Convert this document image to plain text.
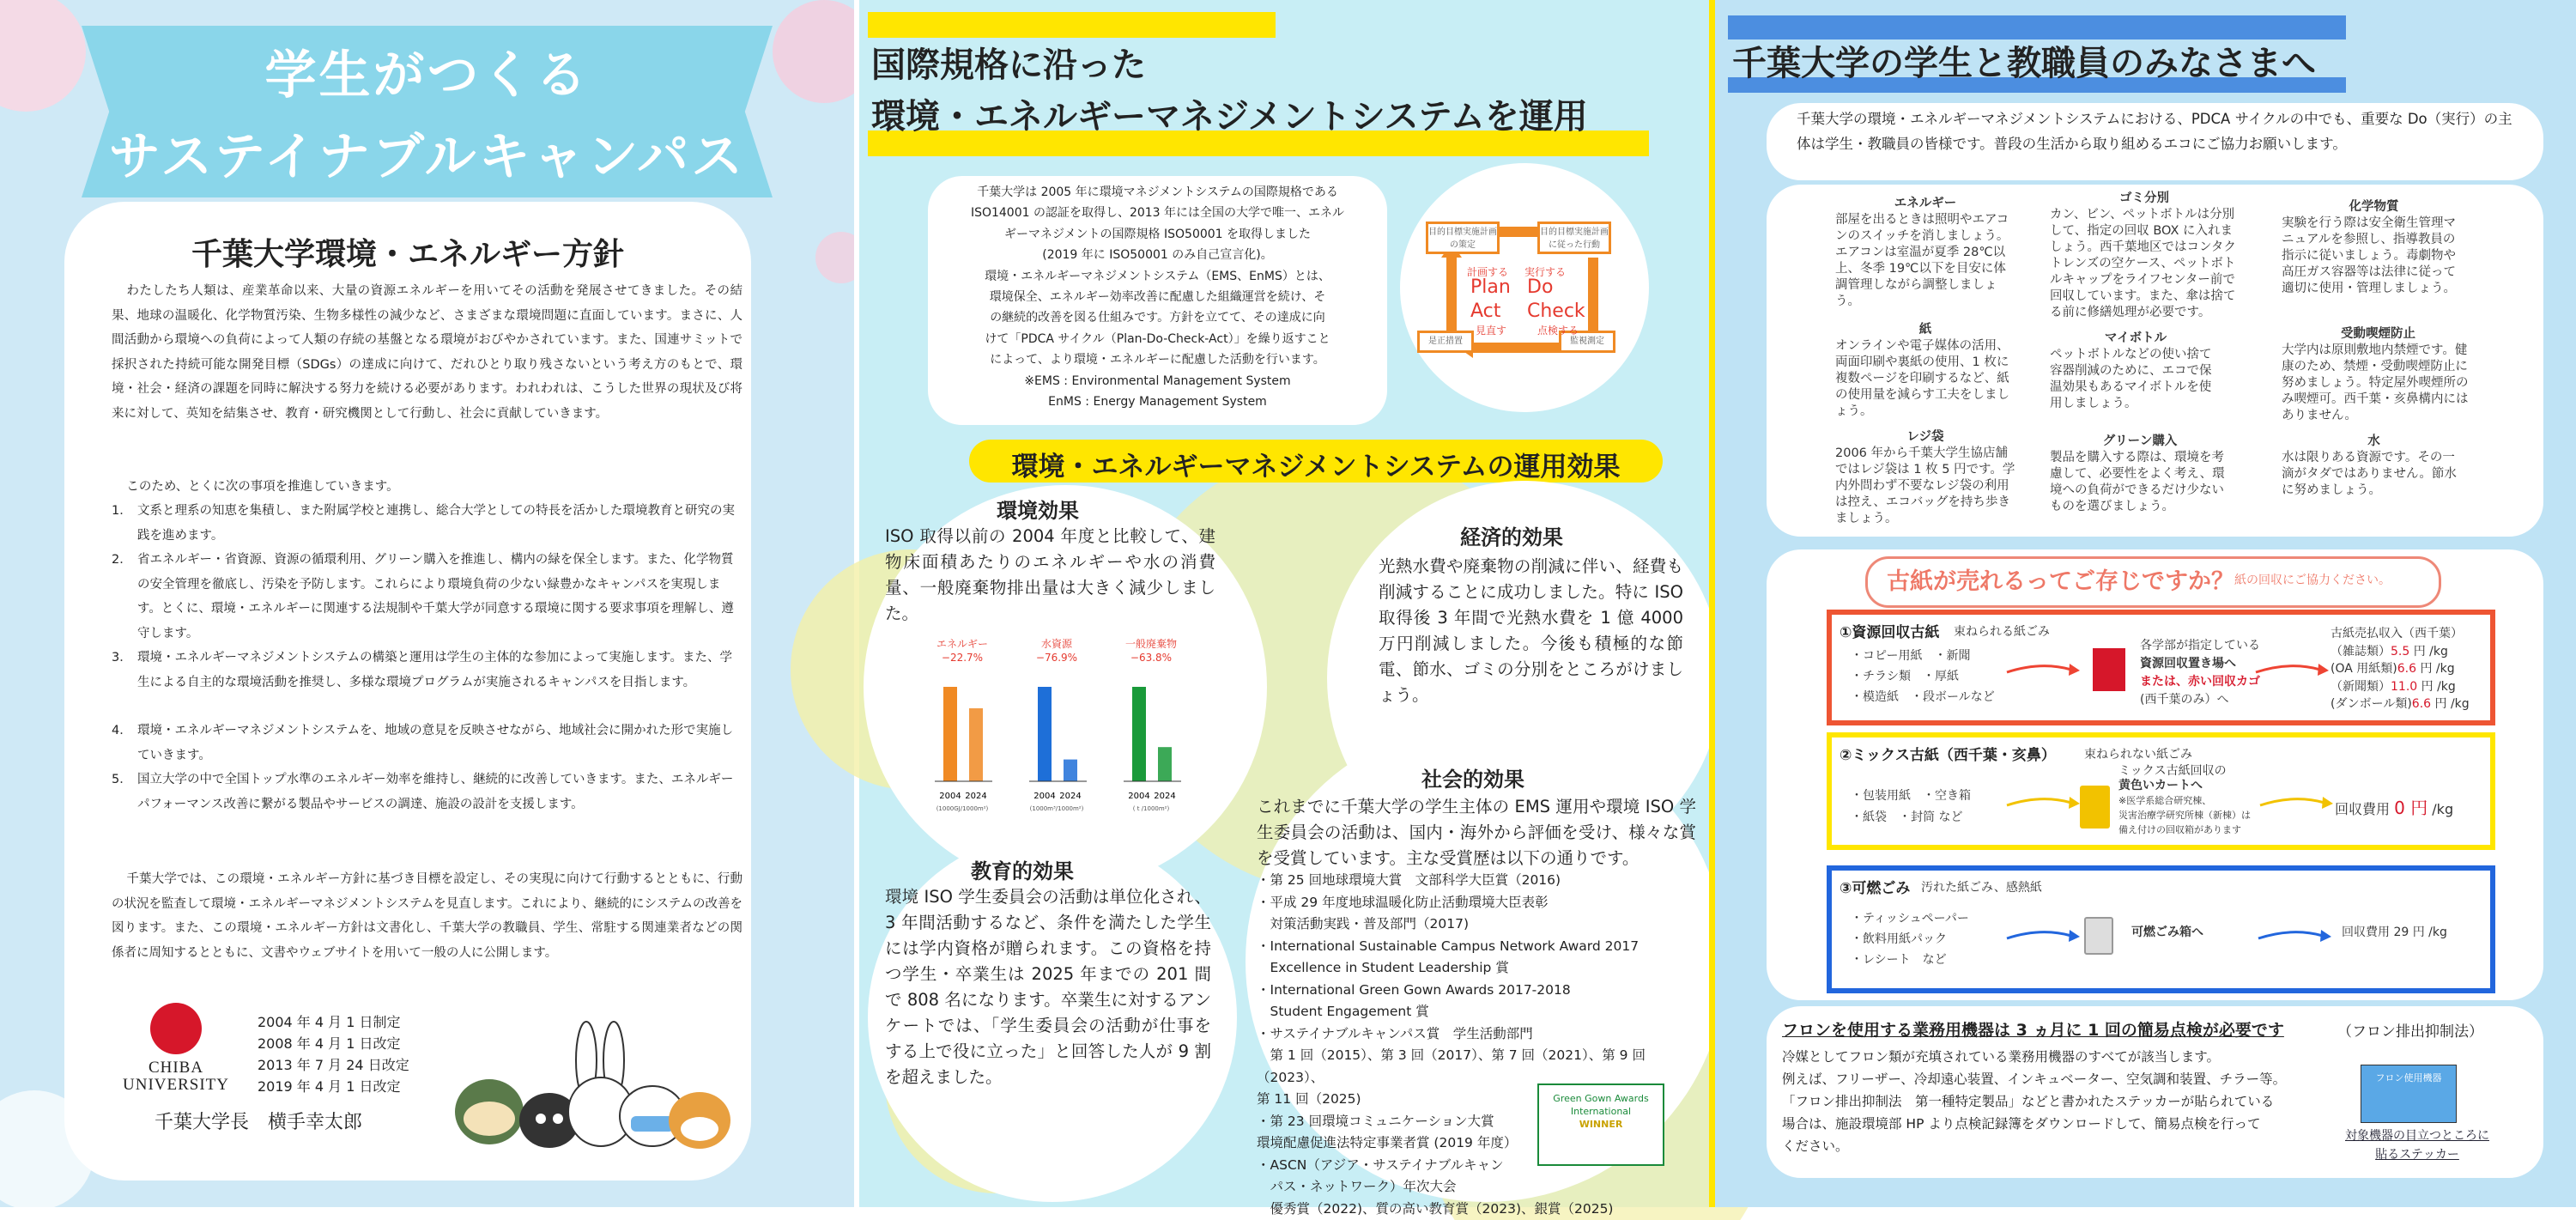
学生がつくる
サステイナブルキャンパス
千葉大学環境・エネルギー方針
わたしたち人類は、産業革命以来、大量の資源エネルギーを用いてその活動を発展させてきました。その結果、地球の温暖化、化学物質汚染、生物多様性の減少など、さまざまな環境問題に直面しています。まさに、人間活動から環境への負荷によって人類の存続の基盤となる環境がおびやかされています。また、国連サミットで採択された持続可能な開発目標（SDGs）の達成に向けて、だれひとり取り残さないという考え方のもとで、環境・社会・経済の課題を同時に解決する努力を続ける必要があります。われわれは、こうした世界の現状及び将来に対して、英知を結集させ、教育・研究機関として行動し、社会に貢献していきます。
このため、とくに次の事項を推進していきます。
1． 文系と理系の知恵を集積し、また附属学校と連携し、総合大学としての特長を活かした環境教育と研究の実践を進めます。
2． 省エネルギー・省資源、資源の循環利用、グリーン購入を推進し、構内の緑を保全します。また、化学物質の安全管理を徹底し、汚染を予防します。これらにより環境負荷の少ない緑豊かなキャンパスを実現します。とくに、環境・エネルギーに関連する法規制や千葉大学が同意する環境に関する要求事項を理解し、遵守します。
3． 環境・エネルギーマネジメントシステムの構築と運用は学生の主体的な参加によって実施します。また、学生による自主的な環境活動を推奨し、多様な環境プログラムが実施されるキャンパスを目指します。
4． 環境・エネルギーマネジメントシステムを、地域の意見を反映させながら、地域社会に開かれた形で実施していきます。
5． 国立大学の中で全国トップ水準のエネルギー効率を維持し、継続的に改善していきます。また、エネルギーパフォーマンス改善に繋がる製品やサービスの調達、施設の設計を支援します。
千葉大学では、この環境・エネルギー方針に基づき目標を設定し、その実現に向けて行動するとともに、行動の状況を監査して環境・エネルギーマネジメントシステムを見直します。これにより、継続的にシステムの改善を図ります。また、この環境・エネルギー方針は文書化し、千葉大学の教職員、学生、常駐する関連業者などの関係者に周知するとともに、文書やウェブサイトを用いて一般の人に公開します。
CHIBA
UNIVERSITY
2004 年 4 月 1 日制定
2008 年 4 月 1 日改定
2013 年 7 月 24 日改定
2019 年 4 月 1 日改定
千葉大学長　横手幸太郎
国際規格に沿った
環境・エネルギーマネジメントシステムを運用
千葉大学は 2005 年に環境マネジメントシステムの国際規格である
ISO14001 の認証を取得し、2013 年には全国の大学で唯一、エネル
ギーマネジメントの国際規格 ISO50001 を取得しました
(2019 年に ISO50001 のみ自己宣言化)。
環境・エネルギーマネジメントシステム（EMS、EnMS）とは、
環境保全、エネルギー効率改善に配慮した組織運営を続け、そ
の継続的改善を図る仕組みです。方針を立てて、その達成に向
けて「PDCA サイクル（Plan-Do-Check-Act）」を繰り返すこと
によって、より環境・エネルギーに配慮した活動を行います。
※EMS : Environmental Management System
EnMS : Energy Management System
目的目標実施計画の策定
目的目標実施計画に従った行動
是正措置	監視測定
計画する
Plan
実行する
Do
Act
見直す
Check
点検する
環境・エネルギーマネジメントシステムの運用効果
環境効果
ISO 取得以前の 2004 年度と比較して、建物床面積あたりのエネルギーや水の消費量、一般廃棄物排出量は大きく減少しました。
エネルギー
−22.7%
2004 2024
(1000GJ/1000m²)
水資源
−76.9%
2004 2024
(1000m³/1000m²)
一般廃棄物
−63.8%
2004 2024
( t /1000m²)
経済的効果
光熱水費や廃棄物の削減に伴い、経費も削減することに成功しました。特に ISO 取得後 3 年間で光熱水費を 1 億 4000 万円削減しました。今後も積極的な節電、節水、ゴミの分別をところがけましょう。
教育的効果
環境 ISO 学生委員会の活動は単位化され、3 年間活動するなど、条件を満たした学生には学内資格が贈られます。この資格を持つ学生・卒業生は 2025 年までの 201 間で 808 名になります。卒業生に対するアンケートでは、「学生委員会の活動が仕事をする上で役に立った」と回答した人が 9 割を超えました。
社会的効果
これまでに千葉大学の学生主体の EMS 運用や環境 ISO 学生委員会の活動は、国内・海外から評価を受け、様々な賞を受賞しています。主な受賞歴は以下の通りです。
・第 25 回地球環境大賞　文部科学大臣賞（2016)
・平成 29 年度地球温暖化防止活動環境大臣表彰
　対策活動実践・普及部門（2017)
・International Sustainable Campus Network Award 2017
　Excellence in Student Leadership 賞
・International Green Gown Awards 2017-2018
　Student Engagement 賞
・サステイナブルキャンパス賞　学生活動部門
　第 1 回（2015）、第 3 回（2017）、第 7 回（2021）、第 9 回（2023）、
第 11 回（2025)
・第 23 回環境コミュニケーション大賞
環境配慮促進法特定事業者賞 (2019 年度）
・ASCN（アジア・サステイナブルキャン
　パス・ネットワーク）年次大会
　優秀賞（2022)、質の高い教育賞（2023)、銀賞（2025)
Green Gown Awards
International
WINNER
千葉大学の学生と教職員のみなさまへ
千葉大学の環境・エネルギーマネジメントシステムにおける、PDCA サイクルの中でも、重要な Do（実行）の主体は学生・教職員の皆様です。普段の生活から取り組めるエコにご協力お願いします。
エネルギー
部屋を出るときは照明やエアコンのスイッチを消しましょう。エアコンは室温が夏季 28℃以上、冬季 19℃以下を目安に体調管理しながら調整しましょう。
ゴミ分別
カン、ビン、ペットボトルは分別して、指定の回収 BOX に入れましょう。西千葉地区ではコンタクトレンズの空ケース、ペットボトルキャップをライフセンター前で回収しています。また、傘は捨てる前に修繕処理が必要です。
化学物質
実験を行う際は安全衛生管理マニュアルを参照し、指導教員の指示に従いましょう。毒劇物や高圧ガス容器等は法律に従って適切に使用・管理しましょう。
紙
オンラインや電子媒体の活用、両面印刷や裏紙の使用、1 枚に複数ページを印刷するなど、紙の使用量を減らす工夫をしましょう。
マイボトル
ペットボトルなどの使い捨て容器削減のために、エコで保温効果もあるマイボトルを使用しましょう。
受動喫煙防止
大学内は原則敷地内禁煙です。健康のため、禁煙・受動喫煙防止に努めましょう。特定屋外喫煙所のみ喫煙可。西千葉・亥鼻構内にはありません。
レジ袋
2006 年から千葉大学生協店舗ではレジ袋は 1 枚 5 円です。学内外問わず不要なレジ袋の利用は控え、エコバッグを持ち歩きましょう。
グリーン購入
製品を購入する際は、環境を考慮して、必要性をよく考え、環境への負荷ができるだけ少ないものを選びましょう。
水
水は限りある資源です。その一滴がタダではありません。節水に努めましょう。
古紙が売れるってご存じですか？ 紙の回収にご協力ください。
①資源回収古紙 束ねられる紙ごみ
・コピー用紙　・新聞
・チラシ類　・厚紙
・模造紙　・段ボールなど
各学部が指定している
資源回収置き場へ
または、赤い回収カゴ
(西千葉のみ）へ
古紙売払収入（西千葉）
（雑誌類）5.5 円 /kg
(OA 用紙類)6.6 円 /kg
（新聞類）11.0 円 /kg
(ダンボール類)6.6 円 /kg
②ミックス古紙（西千葉・亥鼻） 束ねられない紙ごみ
・包装用紙　・空き箱
・紙袋　・封筒 など
ミックス古紙回収の
黄色いカートへ
※医学系総合研究棟、
災害治療学研究所棟（新棟）は
備え付けの回収箱があります
回収費用 0 円 /kg
③可燃ごみ 汚れた紙ごみ、感熱紙
・ティッシュペーパー
・飲料用紙パック
・レシート　など
可燃ごみ箱へ	回収費用 29 円 /kg
フロンを使用する業務用機器は 3 ヵ月に 1 回の簡易点検が必要です	（フロン排出抑制法）
冷媒としてフロン類が充填されている業務用機器のすべてが該当します。
例えば、フリーザー、冷却遠心装置、インキュベーター、空気調和装置、チラー等。
「フロン排出抑制法　第一種特定製品」などと書かれたステッカーが貼られている
場合は、施設環境部 HP より点検記録簿をダウンロードして、簡易点検を行って
ください。
フロン使用機器
対象機器の目立つところに
貼るステッカー
